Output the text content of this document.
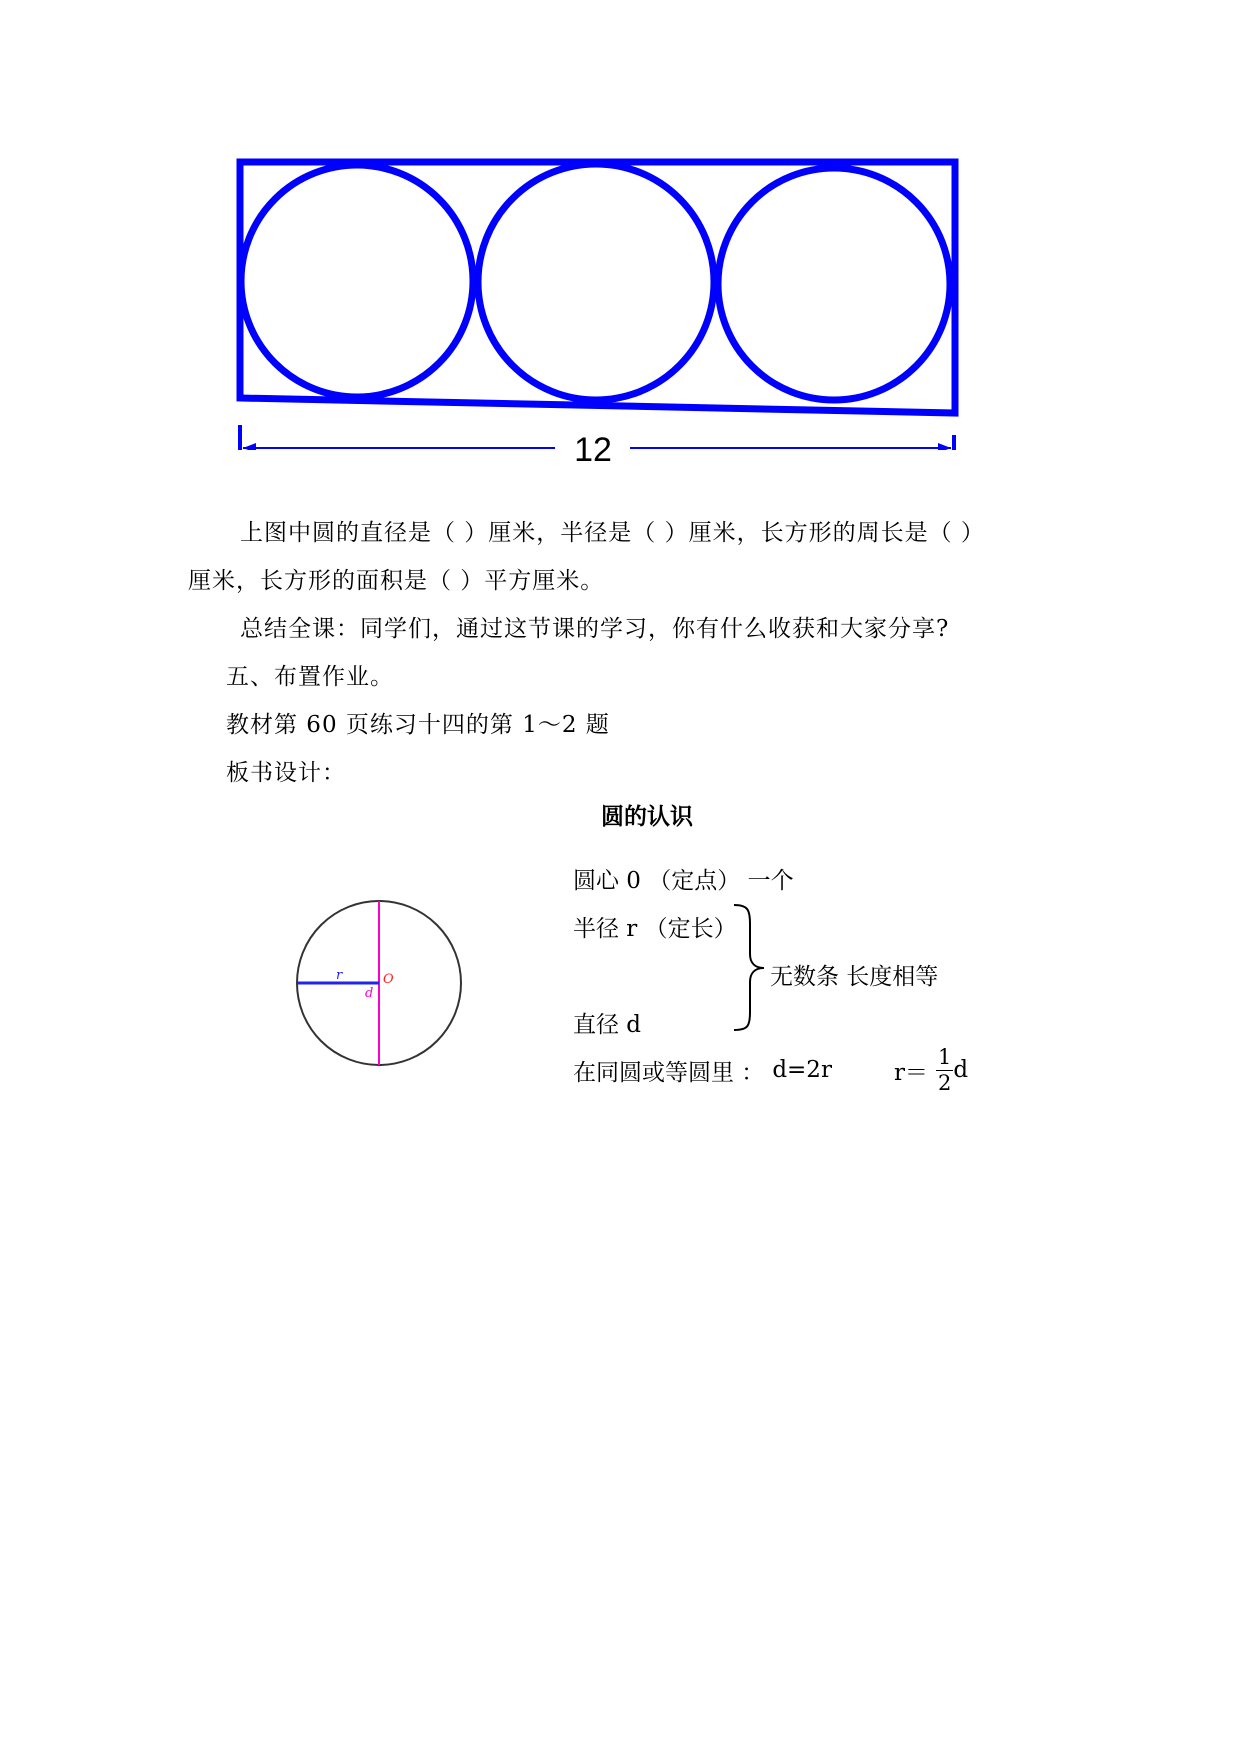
12
上图中圆的直径是（ ）厘米，半径是（ ）厘米，长方形的周长是（ ）
厘米，长方形的面积是（ ）平方厘米。
总结全课：同学们，通过这节课的学习，你有什么收获和大家分享?
五、布置作业。
教材第 60 页练习十四的第 1～2 题
板书设计：
圆的认识
r	O
d
圆心 0 （定点） 一个
半径 r （定长）
无数条 长度相等
直径 d
在同圆或等圆里 ： d=2r	$r= \frac{1}{2}$ d
